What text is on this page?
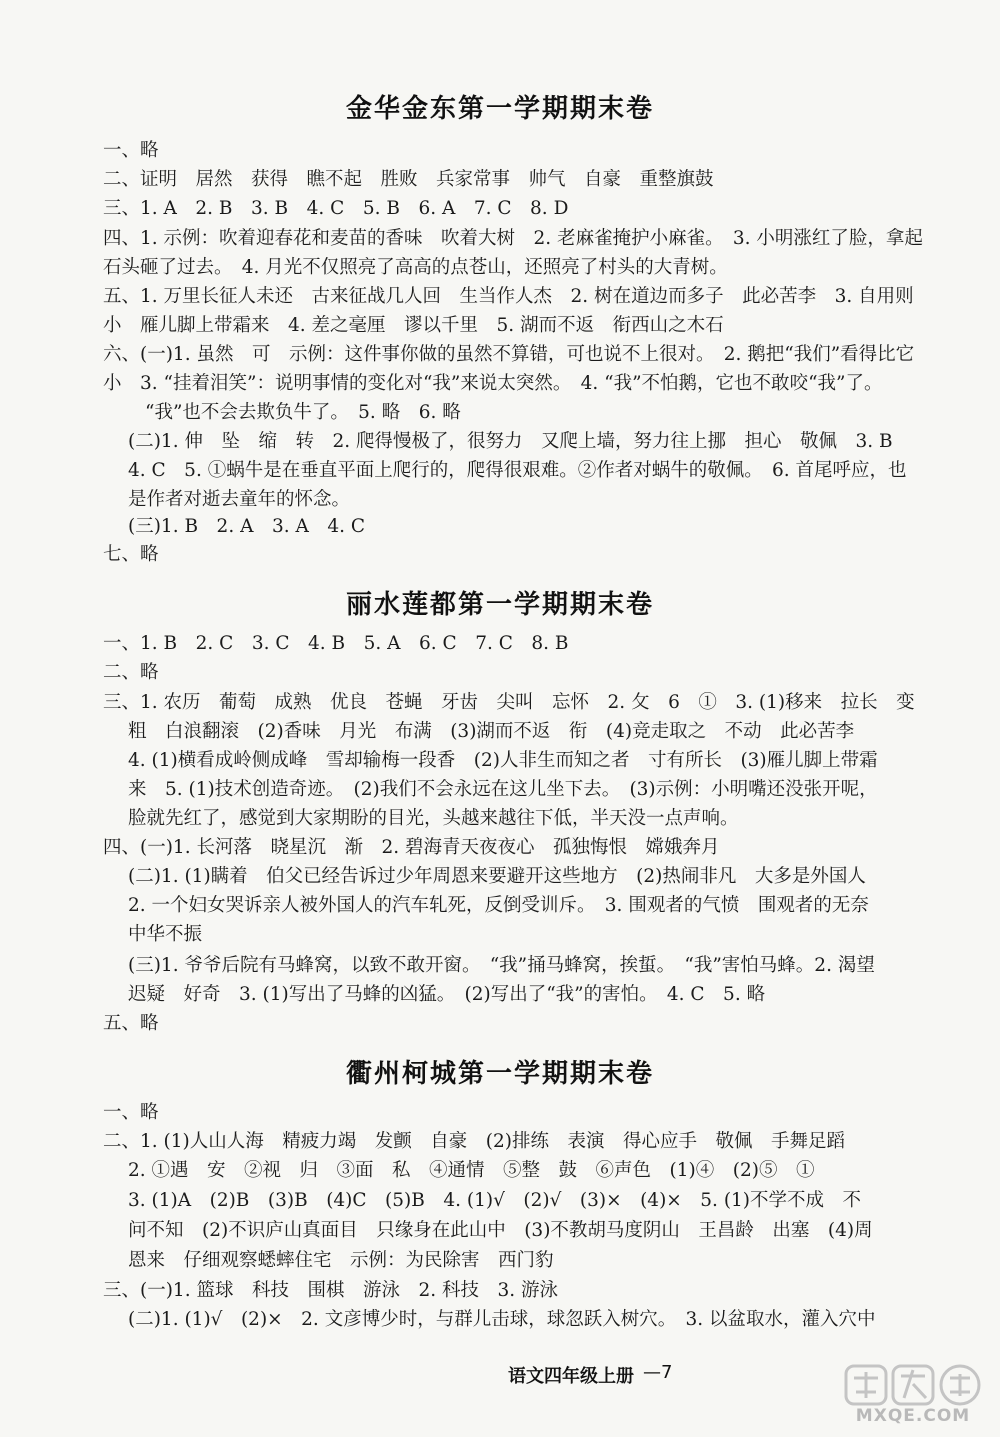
金华金东第一学期期末卷
一、略
二、证明　居然　获得　瞧不起　胜败　兵家常事　帅气　自豪　重整旗鼓
三、1. A　2. B　3. B　4. C　5. B　6. A　7. C　8. D
四、1. 示例：吹着迎春花和麦苗的香味　吹着大树　2. 老麻雀掩护小麻雀。　3. 小明涨红了脸，拿起
石头砸了过去。　4. 月光不仅照亮了高高的点苍山，还照亮了村头的大青树。
五、1. 万里长征人未还　古来征战几人回　生当作人杰　2. 树在道边而多子　此必苦李　3. 自用则
小　雁儿脚上带霜来　4. 差之毫厘　谬以千里　5. 湖而不返　衔西山之木石
六、(一)1. 虽然　可　示例：这件事你做的虽然不算错，可也说不上很对。　2. 鹅把“我们”看得比它
小　3. “挂着泪笑”：说明事情的变化对“我”来说太突然。　4. “我”不怕鹅，它也不敢咬“我”了。
“我”也不会去欺负牛了。　5. 略　6. 略
(二)1. 伸　坠　缩　转　2. 爬得慢极了，很努力　又爬上墙，努力往上挪　担心　敬佩　3. B
4. C　5. ①蜗牛是在垂直平面上爬行的，爬得很艰难。②作者对蜗牛的敬佩。　6. 首尾呼应，也
是作者对逝去童年的怀念。
(三)1. B　2. A　3. A　4. C
七、略
丽水莲都第一学期期末卷
一、1. B　2. C　3. C　4. B　5. A　6. C　7. C　8. B
二、略
三、1. 农历　葡萄　成熟　优良　苍蝇　牙齿　尖叫　忘怀　2. 攵　6　①　3. (1)移来　拉长　变
粗　白浪翻滚　(2)香味　月光　布满　(3)湖而不返　衔　(4)竞走取之　不动　此必苦李
4. (1)横看成岭侧成峰　雪却输梅一段香　(2)人非生而知之者　寸有所长　(3)雁儿脚上带霜
来　5. (1)技术创造奇迹。　(2)我们不会永远在这儿坐下去。　(3)示例：小明嘴还没张开呢，
脸就先红了，感觉到大家期盼的目光，头越来越往下低，半天没一点声响。
四、(一)1. 长河落　晓星沉　渐　2. 碧海青天夜夜心　孤独悔恨　嫦娥奔月
(二)1. (1)瞒着　伯父已经告诉过少年周恩来要避开这些地方　(2)热闹非凡　大多是外国人
2. 一个妇女哭诉亲人被外国人的汽车轧死，反倒受训斥。　3. 围观者的气愤　围观者的无奈
中华不振
(三)1. 爷爷后院有马蜂窝，以致不敢开窗。　“我”捅马蜂窝，挨蜇。　“我”害怕马蜂。2. 渴望
迟疑　好奇　3. (1)写出了马蜂的凶猛。　(2)写出了“我”的害怕。　4. C　5. 略
五、略
衢州柯城第一学期期末卷
一、略
二、1. (1)人山人海　精疲力竭　发颤　自豪　(2)排练　表演　得心应手　敬佩　手舞足蹈
2. ①遇　安　②视　归　③面　私　④通情　⑤整　鼓　⑥声色　(1)④　(2)⑤　①
3. (1)A　(2)B　(3)B　(4)C　(5)B　4. (1)√　(2)√　(3)×　(4)×　5. (1)不学不成　不
问不知　(2)不识庐山真面目　只缘身在此山中　(3)不教胡马度阴山　王昌龄　出塞　(4)周
恩来　仔细观察蟋蟀住宅　示例：为民除害　西门豹
三、(一)1. 篮球　科技　围棋　游泳　2. 科技　3. 游泳
(二)1. (1)√　(2)×　2. 文彦博少时，与群儿击球，球忽跃入树穴。　3. 以盆取水，灌入穴中
语文四年级上册 —7
MXQE.COM
